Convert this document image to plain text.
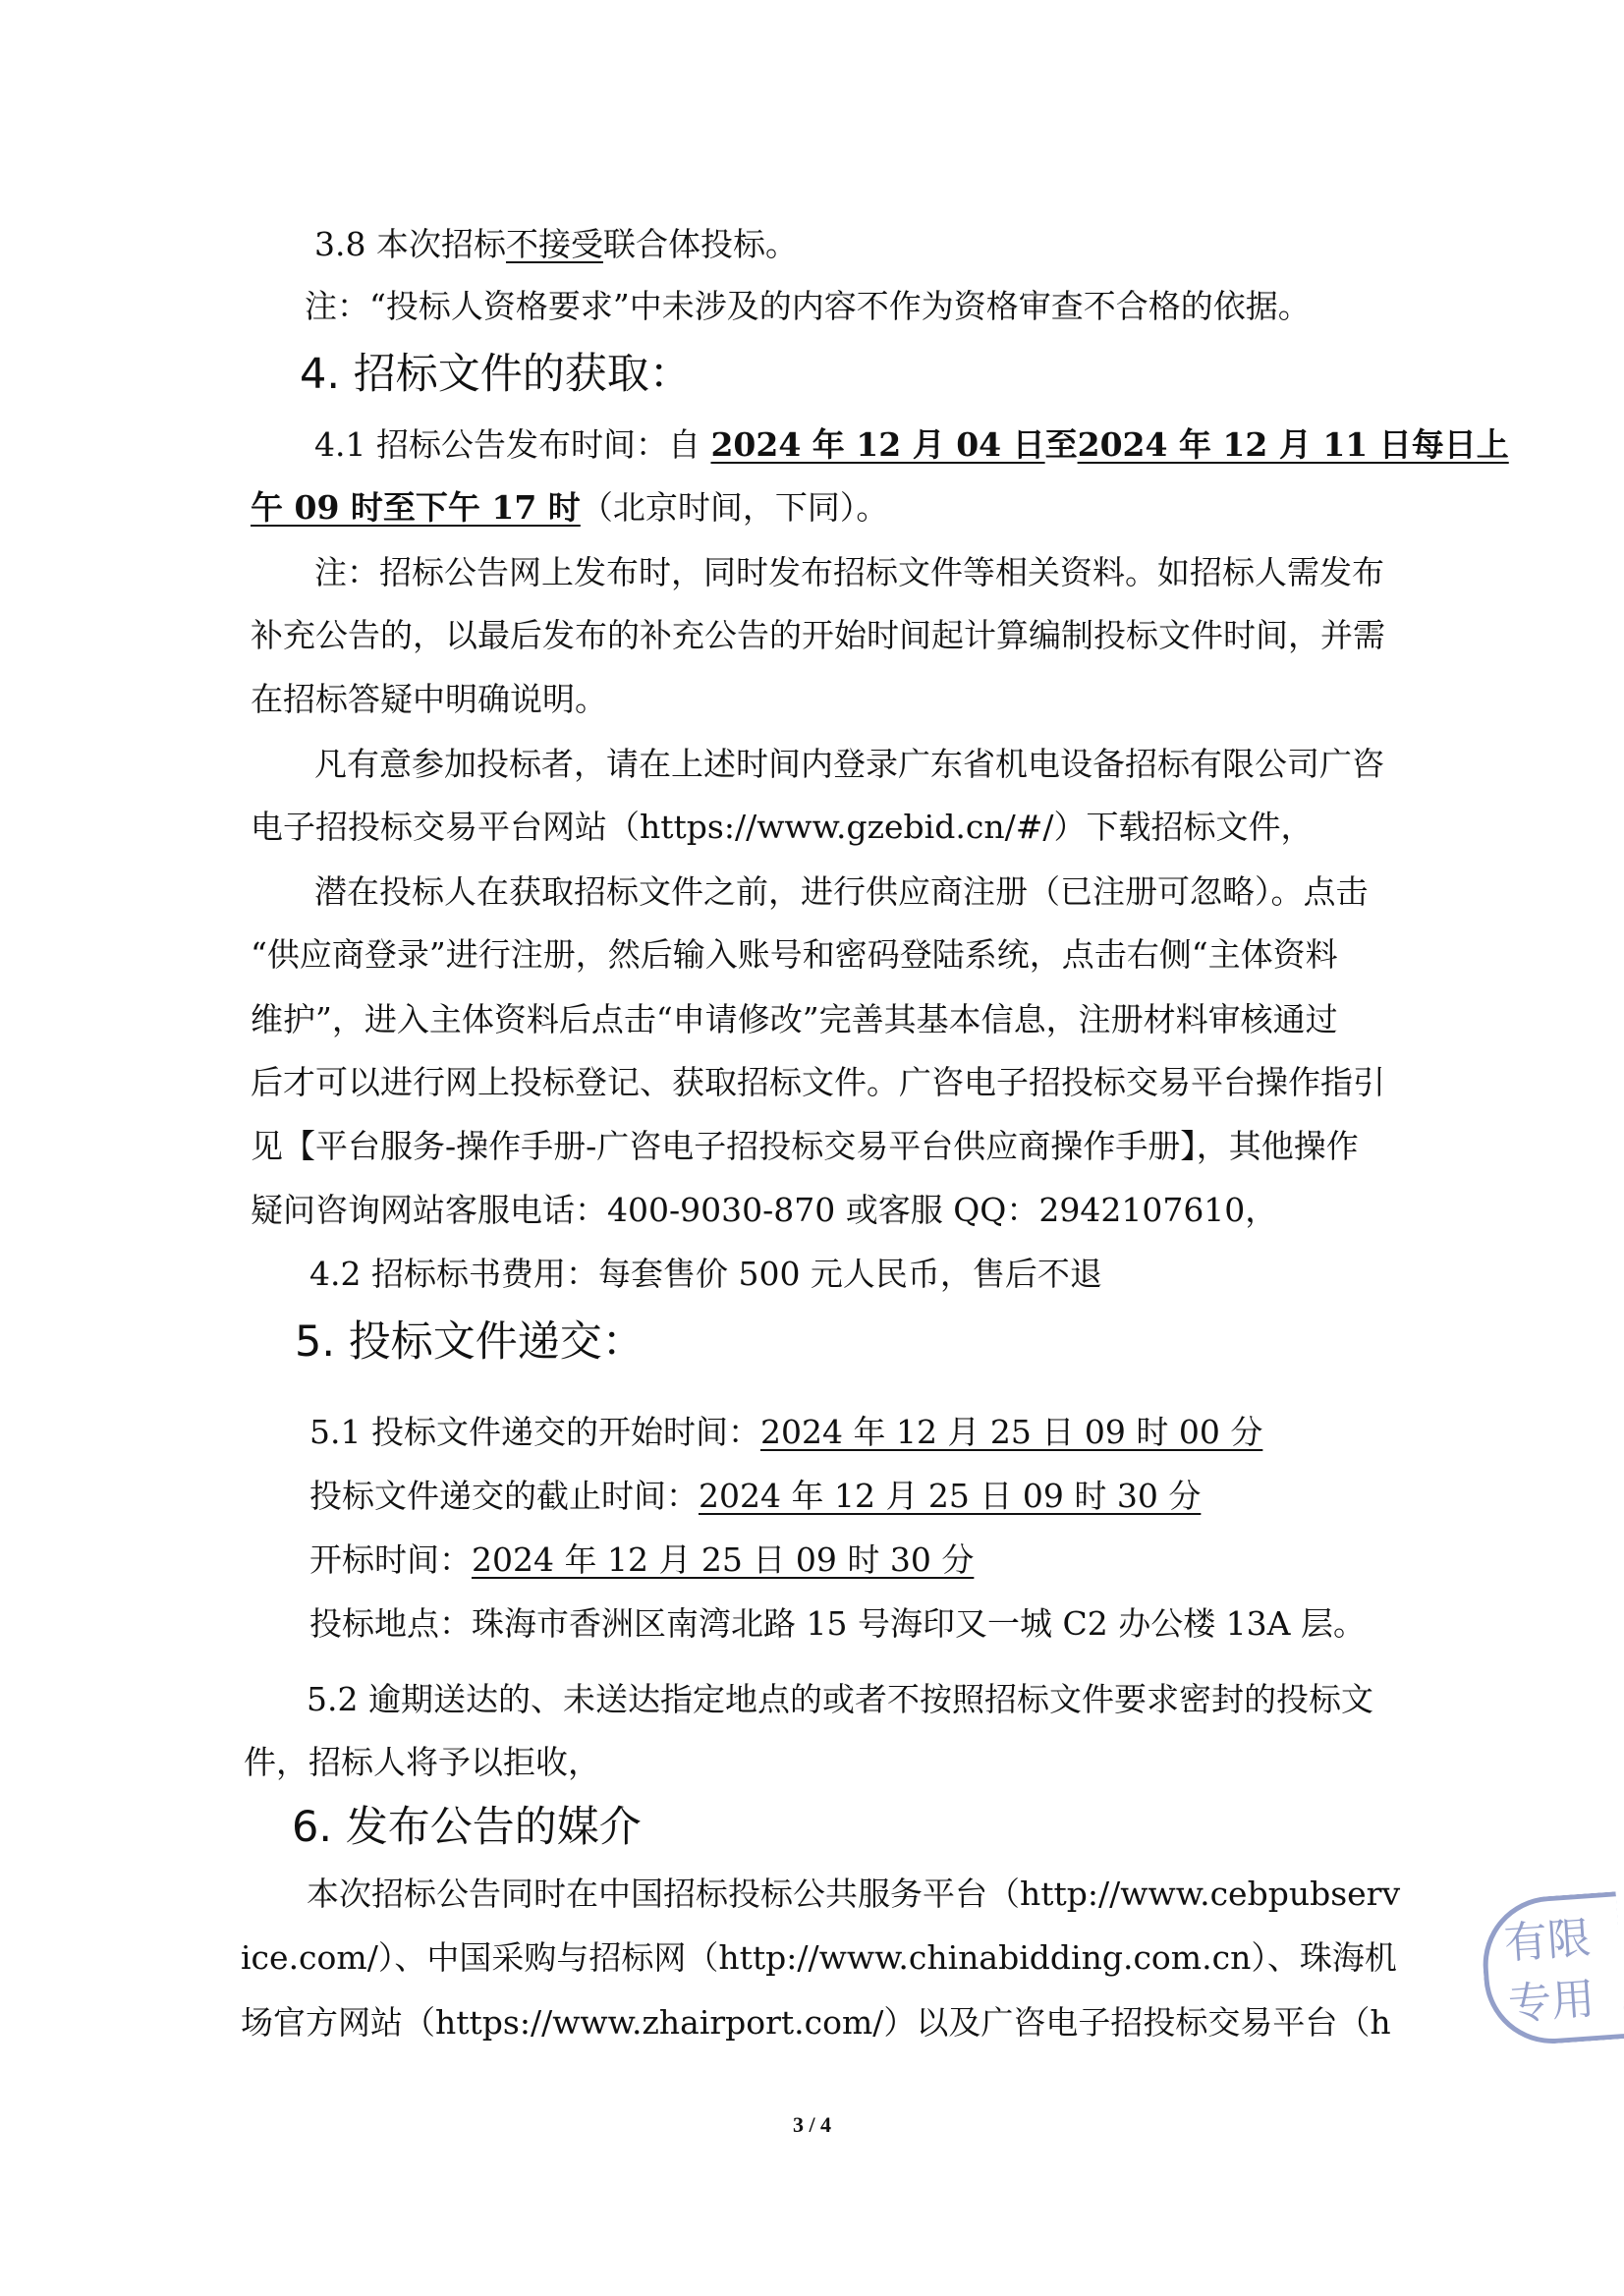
3.8 本次招标不接受联合体投标。
注：“投标人资格要求”中未涉及的内容不作为资格审查不合格的依据。
4. 招标文件的获取：
4.1 招标公告发布时间：自 2024 年 12 月 04 日至2024 年 12 月 11 日每日上
午 09 时至下午 17 时（北京时间，下同）。
注：招标公告网上发布时，同时发布招标文件等相关资料。如招标人需发布
补充公告的，以最后发布的补充公告的开始时间起计算编制投标文件时间，并需
在招标答疑中明确说明。
凡有意参加投标者，请在上述时间内登录广东省机电设备招标有限公司广咨
电子招投标交易平台网站（https://www.gzebid.cn/#/）下载招标文件，
潜在投标人在获取招标文件之前，进行供应商注册（已注册可忽略）。点击
“供应商登录”进行注册，然后输入账号和密码登陆系统，点击右侧“主体资料
维护”，进入主体资料后点击“申请修改”完善其基本信息，注册材料审核通过
后才可以进行网上投标登记、获取招标文件。广咨电子招投标交易平台操作指引
见【平台服务-操作手册-广咨电子招投标交易平台供应商操作手册】，其他操作
疑问咨询网站客服电话：400-9030-870 或客服 QQ：2942107610，
4.2 招标标书费用：每套售价 500 元人民币，售后不退
5. 投标文件递交：
5.1 投标文件递交的开始时间：2024 年 12 月 25 日 09 时 00 分
投标文件递交的截止时间：2024 年 12 月 25 日 09 时 30 分
开标时间：2024 年 12 月 25 日 09 时 30 分
投标地点：珠海市香洲区南湾北路 15 号海印又一城 C2 办公楼 13A 层。
5.2 逾期送达的、未送达指定地点的或者不按照招标文件要求密封的投标文
件，招标人将予以拒收，
6. 发布公告的媒介
本次招标公告同时在中国招标投标公共服务平台（http://www.cebpubserv
ice.com/）、中国采购与招标网（http://www.chinabidding.com.cn）、珠海机
场官方网站（https://www.zhairport.com/）以及广咨电子招投标交易平台（h
3 / 4
有限
专用
